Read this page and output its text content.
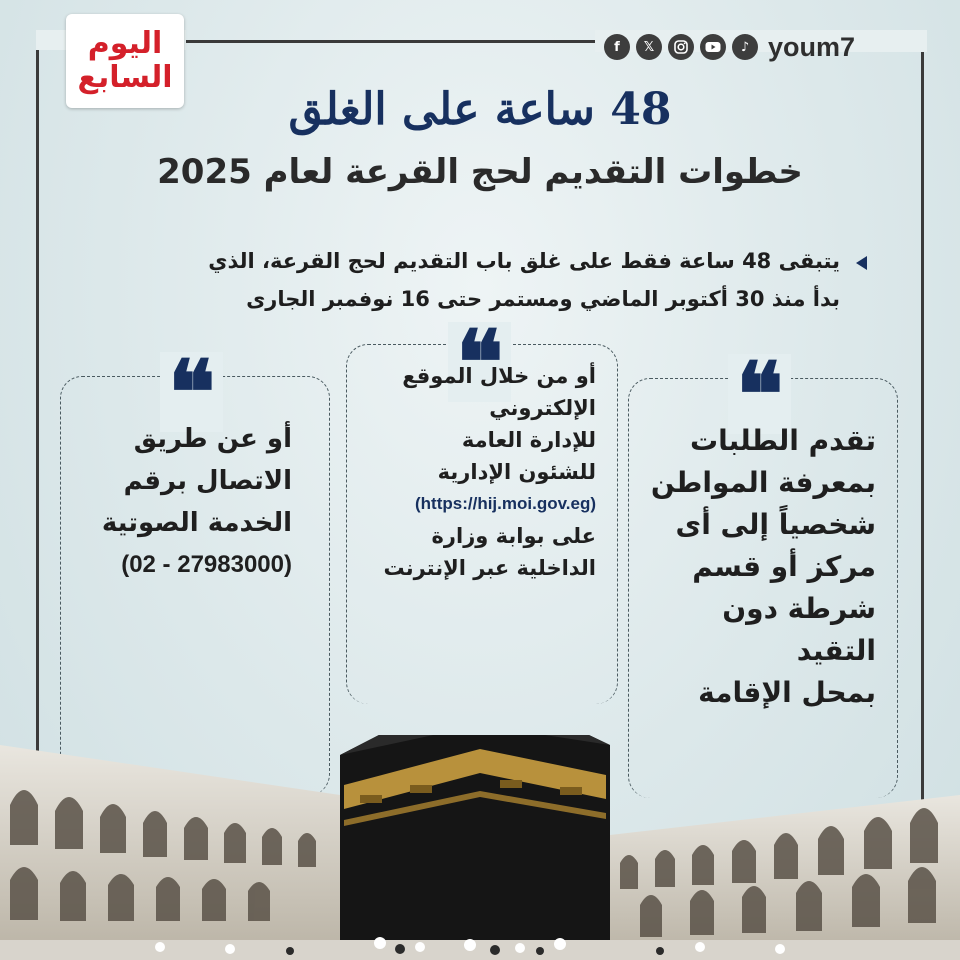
اليوم
السابع
f	𝕏	♪ youm7
48 ساعة على الغلق
خطوات التقديم لحج القرعة لعام 2025
يتبقى 48 ساعة فقط على غلق باب التقديم لحج القرعة، الذي
بدأ منذ 30 أكتوبر الماضي ومستمر حتى 16 نوفمبر الجارى
❝
تقدم الطلبات
بمعرفة المواطن
شخصياً إلى أى
مركز أو قسم
شرطة دون التقيد
بمحل الإقامة
❝
أو من خلال الموقع
الإلكتروني
للإدارة العامة
للشئون الإدارية
(https://hij.moi.gov.eg)
على بوابة وزارة
الداخلية عبر الإنترنت
❝
أو عن طريق
الاتصال برقم
الخدمة الصوتية
(02 - 27983000)
